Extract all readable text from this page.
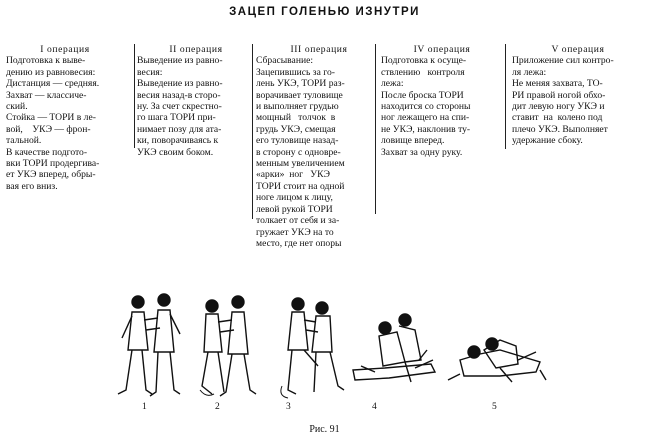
ЗАЦЕП ГОЛЕНЬЮ ИЗНУТРИ
I операция
Подготовка к выве-
дению из равновесия:
Дистанция — средняя.
Захват — классиче-
ский.
Стойка — ТОРИ в ле-
вой,    УКЭ — фрон-
тальной.
В качестве подгото-
вки ТОРИ продергива-
ет УКЭ вперед, обры-
вая его вниз.
II операция
Выведение из равно-
весия:
Выведение из равно-
весия назад-в сторо-
ну. За счет скрестно-
го шага ТОРИ при-
нимает позу для ата-
ки, поворачиваясь к
УКЭ своим боком.
III операция
Сбрасывание:
Зацепившись за го-
лень УКЭ, ТОРИ раз-
ворачивает туловище
и выполняет грудью
мощный   толчок  в
грудь УКЭ, смещая
его туловище назад-
в сторону с одновре-
менным увеличением
«арки»  ног   УКЭ
ТОРИ стоит на одной
ноге лицом к лицу,
левой рукой ТОРИ
толкает от себя и за-
гружает УКЭ на то
место, где нет опоры
IV операция
Подготовка к осуще-
ствлению   контроля
лежа:
После броска ТОРИ
находится со стороны
ног лежащего на спи-
не УКЭ, наклонив ту-
ловище вперед.
Захват за одну руку.
V операция
Приложение сил контро-
ля лежа:
Не меняя захвата, ТО-
РИ правой ногой обхо-
дит левую ногу УКЭ и
ставит  на  колено под
плечо УКЭ. Выполняет
удержание сбоку.
1	2	3	4	5
Рис. 91
